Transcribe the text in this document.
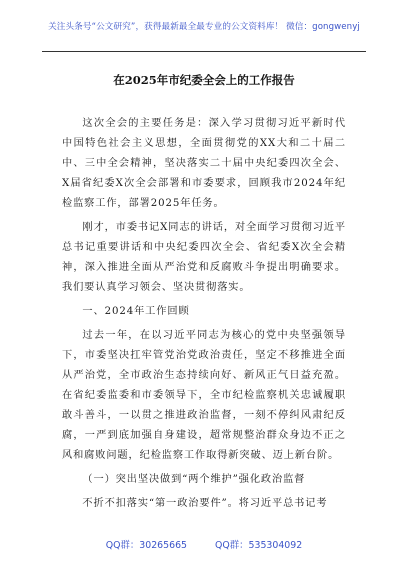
关注头条号“公文研究”，获得最新最全最专业的公文资料库！ 微信：gongwenyj
在2025年市纪委全会上的工作报告

这次全会的主要任务是：深入学习贯彻习近平新时代中国特色社会主义思想，全面贯彻党的XX大和二十届二中、三中全会精神，坚决落实二十届中央纪委四次全会、X届省纪委X次全会部署和市委要求，回顾我市2024年纪检监察工作，部署2025年任务。

刚才，市委书记X同志的讲话，对全面学习贯彻习近平总书记重要讲话和中央纪委四次全会、省纪委X次全会精神，深入推进全面从严治党和反腐败斗争提出明确要求。我们要认真学习领会、坚决贯彻落实。

一、2024年工作回顾

过去一年，在以习近平同志为核心的党中央坚强领导下，市委坚决扛牢管党治党政治责任，坚定不移推进全面从严治党，全市政治生态持续向好、新风正气日益充盈。在省纪委监委和市委领导下，全市纪检监察机关忠诚履职敢斗善斗，一以贯之推进政治监督，一刻不停纠风肃纪反腐，一严到底加强自身建设，超常规整治群众身边不正之风和腐败问题，纪检监察工作取得新突破、迈上新台阶。

（一）突出坚决做到“两个维护”强化政治监督

不折不扣落实“第一政治要件”。将习近平总书记考

QQ群：30265665	QQ群：535304092
